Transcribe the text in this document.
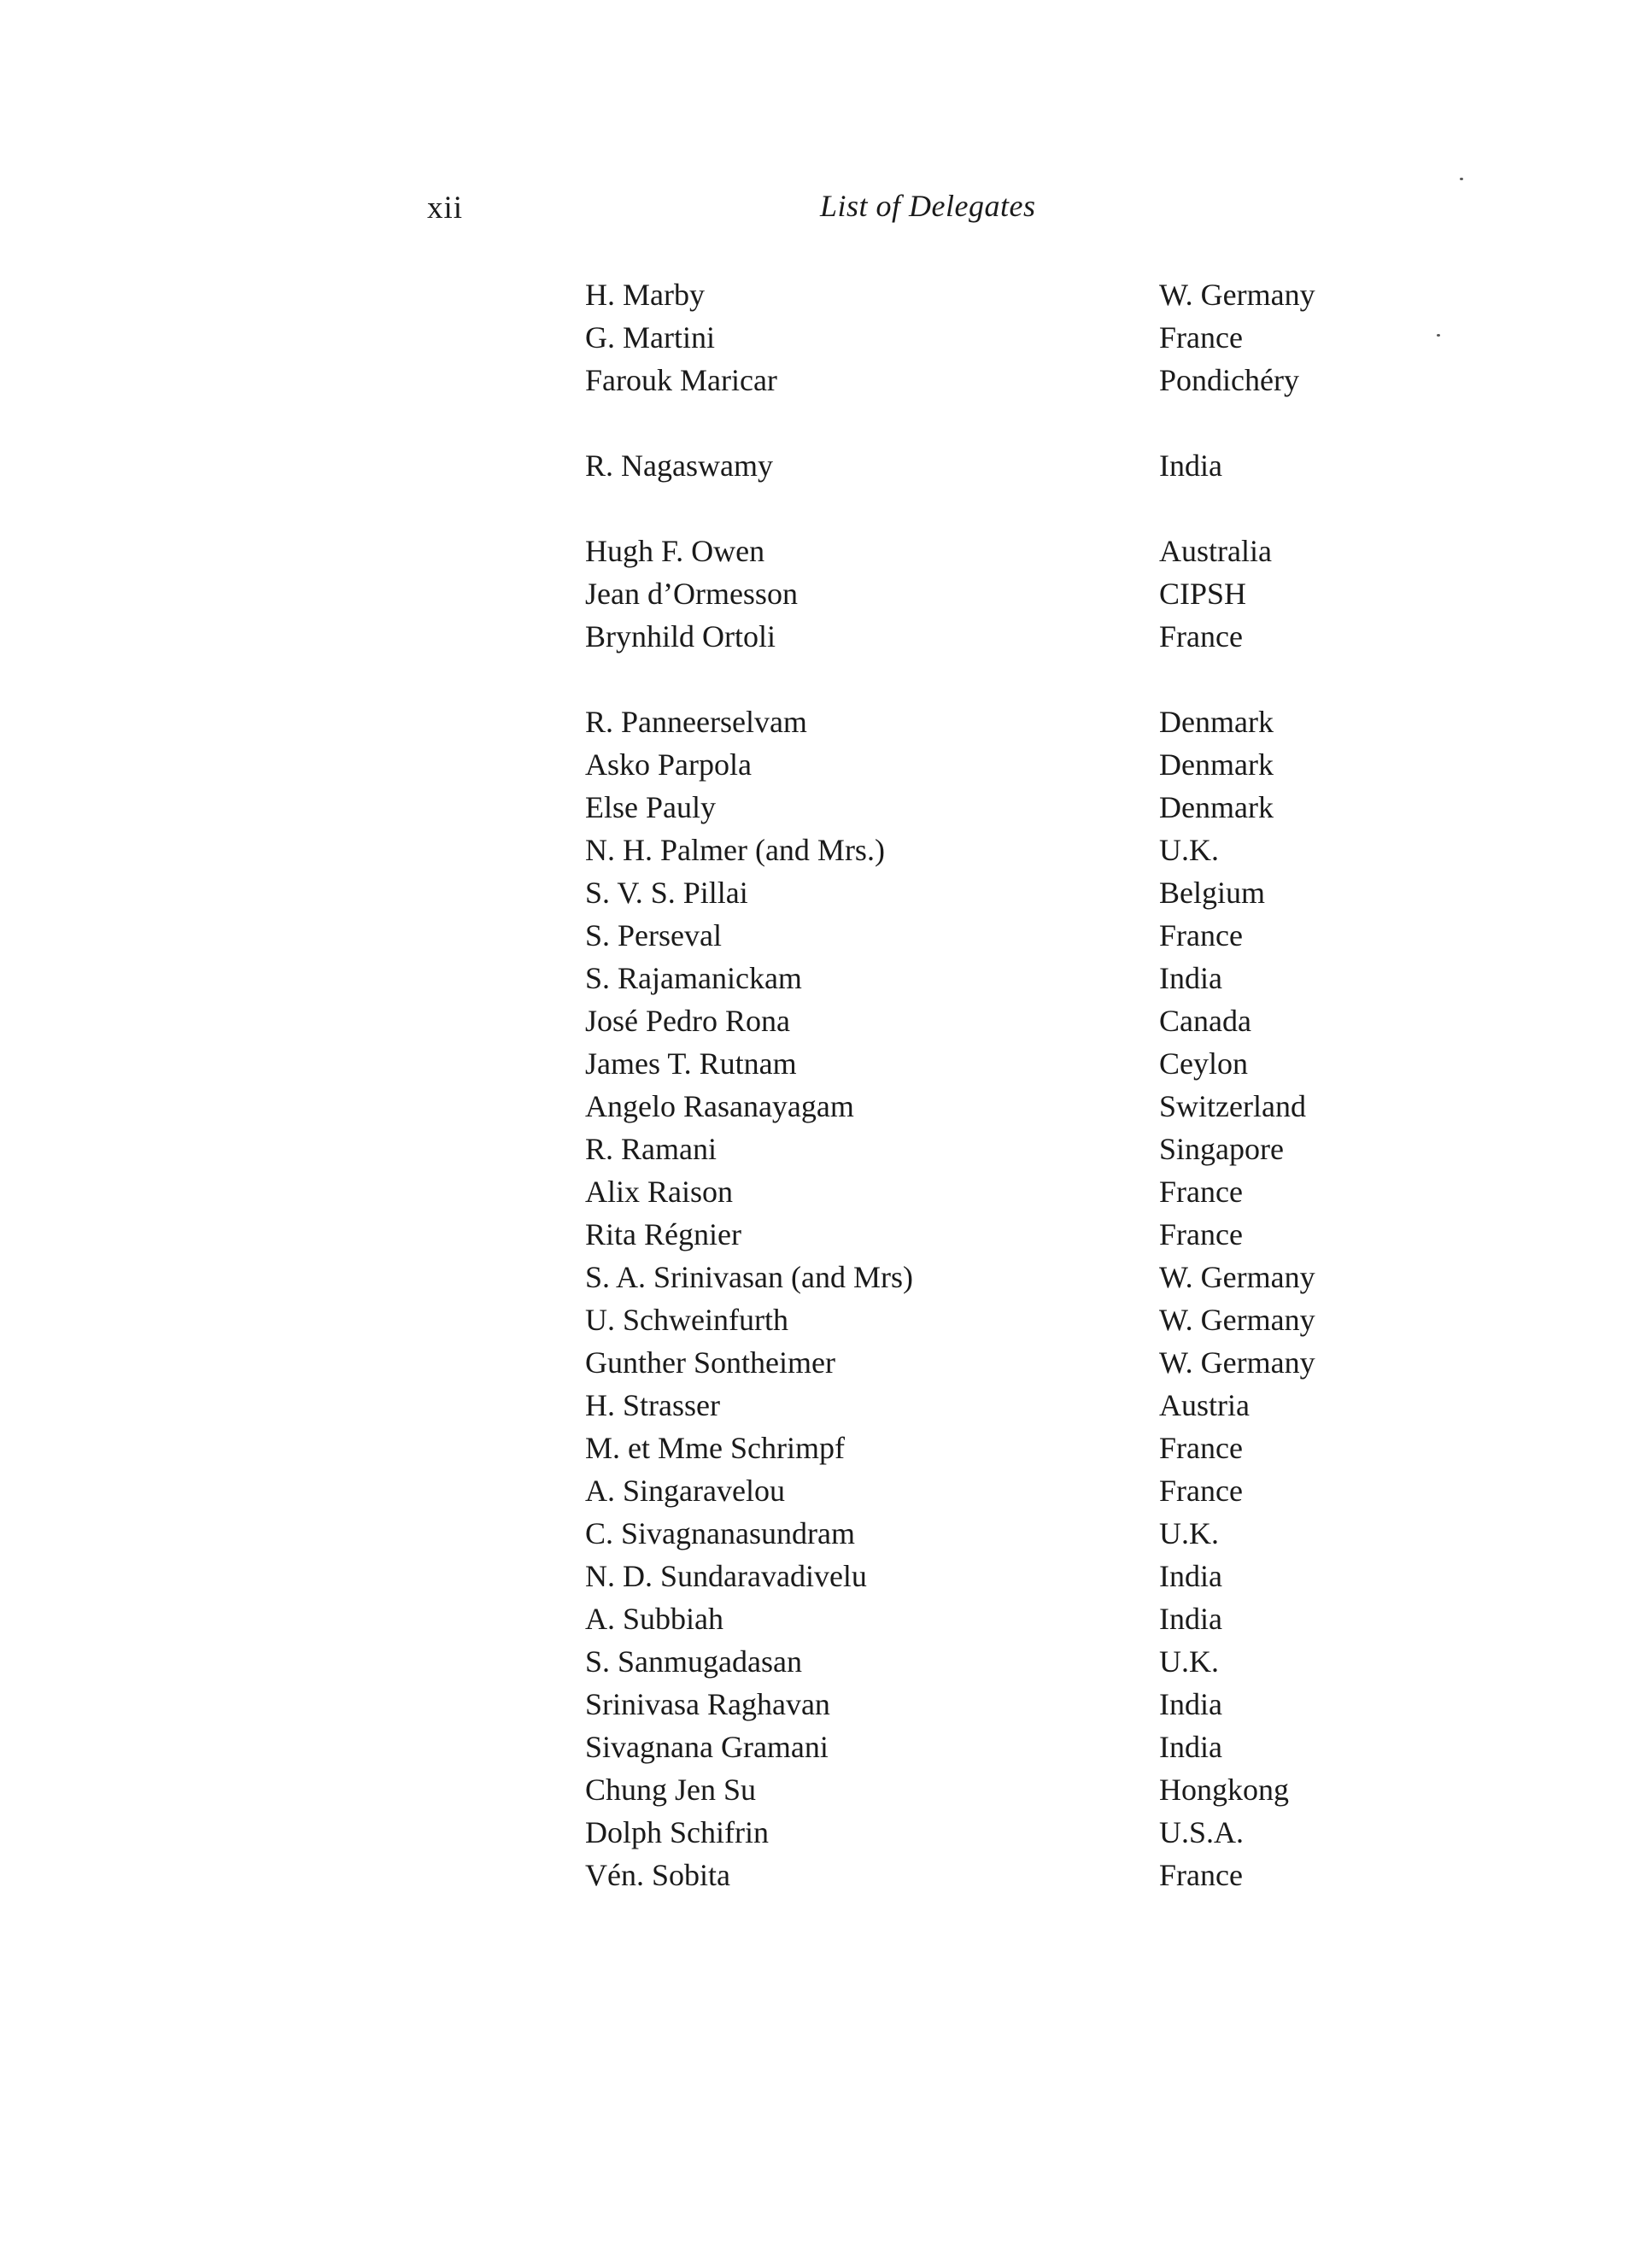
xii	List of Delegates
H. Marby	W. Germany
G. Martini	France
Farouk Maricar	Pondichéry
R. Nagaswamy	India
Hugh F. Owen	Australia
Jean d’Ormesson	CIPSH
Brynhild Ortoli	France
R. Panneerselvam	Denmark
Asko Parpola	Denmark
Else Pauly	Denmark
N. H. Palmer (and Mrs.)	U.K.
S. V. S. Pillai	Belgium
S. Perseval	France
S. Rajamanickam	India
José Pedro Rona	Canada
James T. Rutnam	Ceylon
Angelo Rasanayagam	Switzerland
R. Ramani	Singapore
Alix Raison	France
Rita Régnier	France
S. A. Srinivasan (and Mrs)	W. Germany
U. Schweinfurth	W. Germany
Gunther Sontheimer	W. Germany
H. Strasser	Austria
M. et Mme Schrimpf	France
A. Singaravelou	France
C. Sivagnanasundram	U.K.
N. D. Sundaravadivelu	India
A. Subbiah	India
S. Sanmugadasan	U.K.
Srinivasa Raghavan	India
Sivagnana Gramani	India
Chung Jen Su	Hongkong
Dolph Schifrin	U.S.A.
Vén. Sobita	France
